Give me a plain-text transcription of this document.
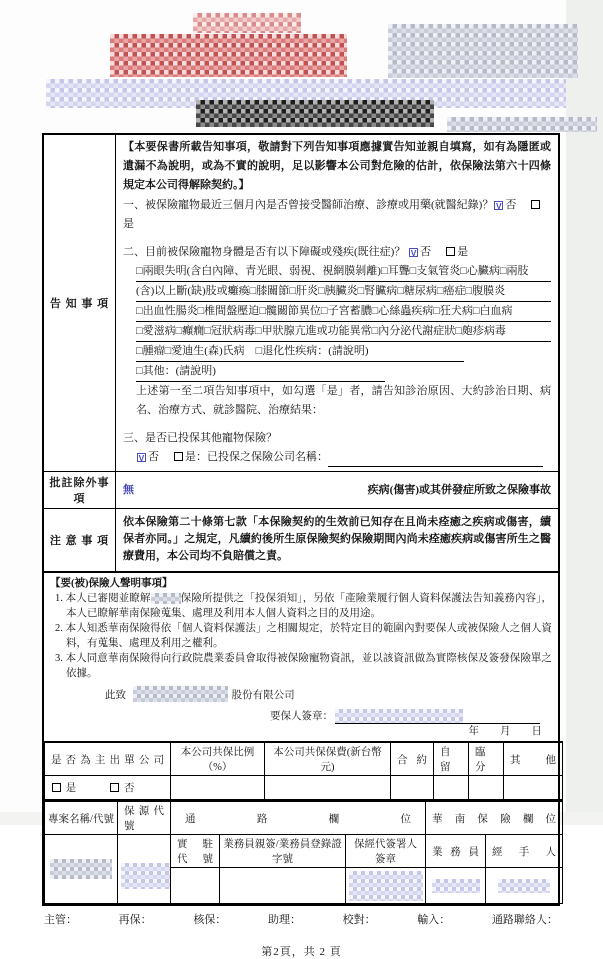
告 知 事 項
【本要保書所載告知事項，敬請對下列告知事項應據實告知並親自填寫，如有為隱匿或遺漏不為說明，或為不實的說明，足以影響本公司對危險的估計，依保險法第六十四條規定本公司得解除契約。】
一、被保險寵物最近三個月內是否曾接受醫師治療、診療或用藥(就醫紀錄)？ V 否是
二、目前被保險寵物身體是否有以下障礙或殘疾(既往症)？ V 否 是
□兩眼失明(含白內障、青光眼、弱視、視網膜剝離)□耳聾□支氣管炎□心臟病□兩肢
(含)以上斷(缺)肢或癱瘓□膝關節□肝炎□胰臟炎□腎臟病□糖尿病□癌症□腹膜炎
□出血性腸炎□椎間盤壓迫□髖關節異位□子宮蓄膿□心絲蟲疾病□狂犬病□白血病
□愛滋病□癲癇□冠狀病毒□甲狀腺亢進或功能異常□內分泌代謝症狀□皰疹病毒
□腫瘤□愛迪生(森)氏病　□退化性疾病：(請說明)
□其他：(請說明)
上述第一至二項告知事項中，如勾選「是」者，請告知診治原因、大約診治日期、病名、治療方式、就診醫院、治療結果：
三、是否已投保其他寵物保險？
V 否 是：已投保之保險公司名稱：
批註除外事項
無	疾病(傷害)或其併發症所致之保險事故
注 意 事 項
依本保險第二十條第七款「本保險契約的生效前已知存在且尚未痊癒之疾病或傷害，續保者亦同。」之規定，凡續約後所生原保險契約保險期間內尚未痊癒疾病或傷害所生之醫療費用，本公司均不負賠償之責。
【要(被)保險人聲明事項】
1. 本人已審閱並瞭解	保險所提供之「投保須知」，另依「產險業履行個人資料保護法告知義務內容」，本人已瞭解華南保險蒐集、處理及利用本人個人資料之目的及用途。
2. 本人知悉華南保險得依「個人資料保護法」之相關規定，於特定目的範圍內對要保人或被保險人之個人資料，有蒐集、處理及利用之權利。
3. 本人同意華南保險得向行政院農業委員會取得被保險寵物資訊，並以該資訊做為實際核保及簽發保險單之依據。
此致	股份有限公司
要保人簽章：
年　　月　　日
是 否 為 主 出 單 公 司	本公司共保比例（%）	本公司共保保費(新台幣元)	合 約	自 留	臨 分	其 他
是 否						
專案名稱/代號	保 源 代 號	通 路 欄 位			華 南 保 險 欄 位	
		實 駐 代 號	業務員親簽/業務員登錄證字號	保經代簽署人簽章	業 務 員	經 手 人

主管：	再保：	核保：	助理：	校對：	輸入：	通路聯絡人：
第2頁，共 2 頁
